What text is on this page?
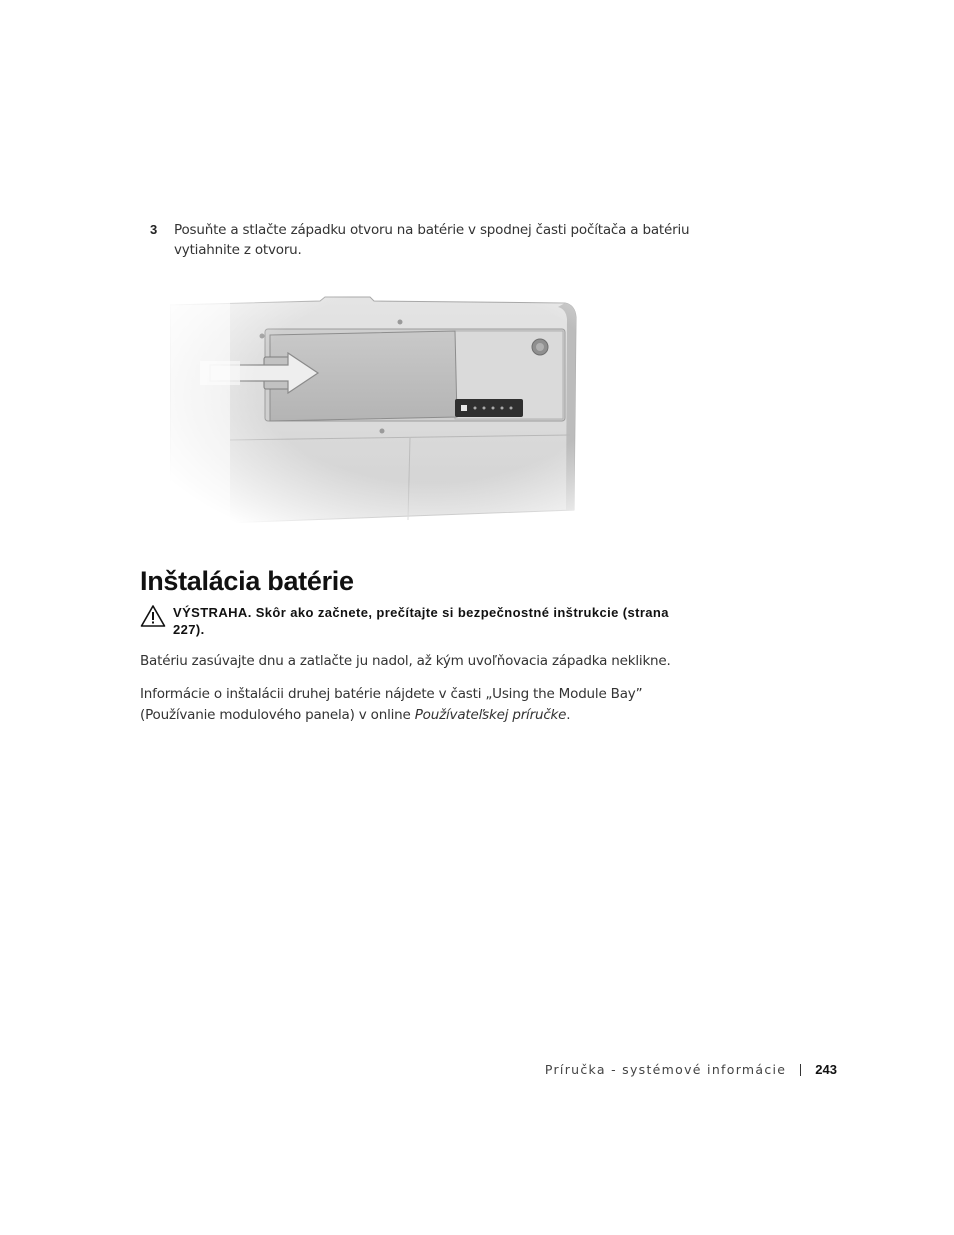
3 Posuňte a stlačte západku otvoru na batérie v spodnej časti počítača a batériu vytiahnite z otvoru.
Inštalácia batérie
VÝSTRAHA. Skôr ako začnete, prečítajte si bezpečnostné inštrukcie (strana 227).

Batériu zasúvajte dnu a zatlačte ju nadol, až kým uvoľňovacia západka neklikne.

Informácie o inštalácii druhej batérie nájdete v časti „Using the Module Bay” (Používanie modulového panela) v online Používateľskej príručke.

Príručka - systémové informácie 243
